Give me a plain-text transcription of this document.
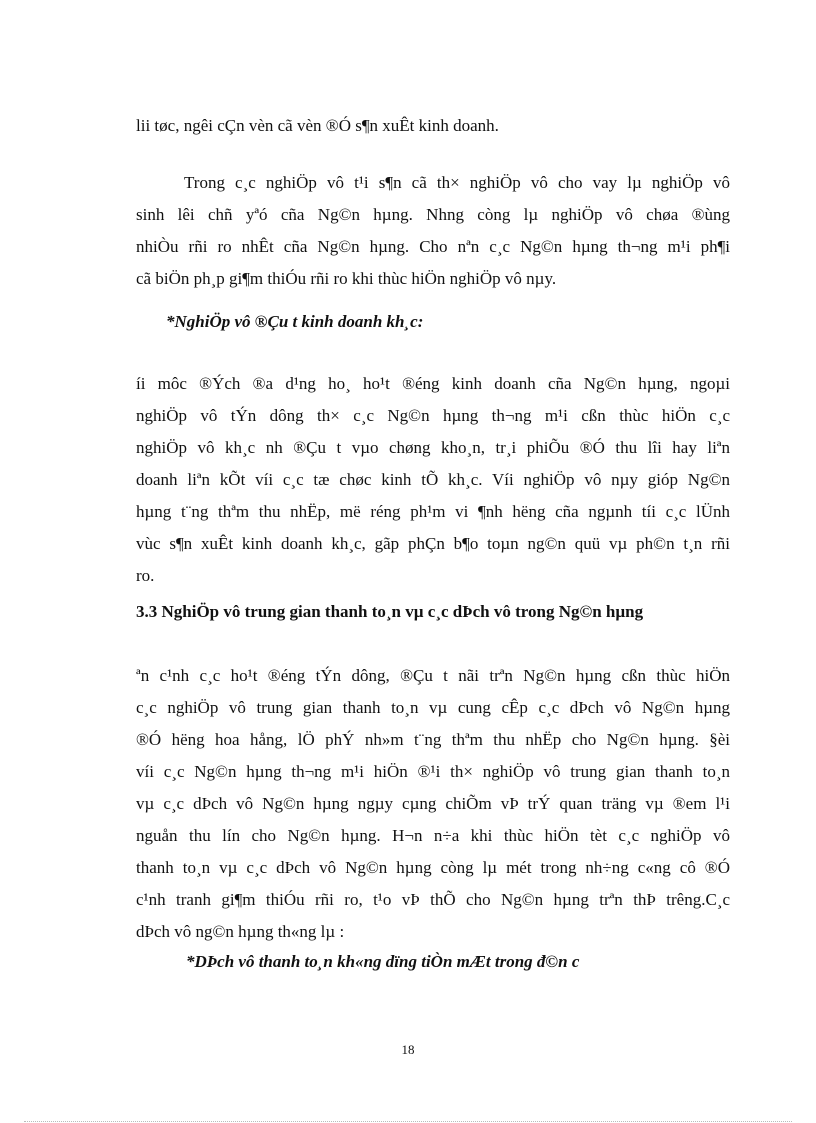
lii tøc, ngêi cÇn vèn cã vèn ®Ó s¶n xuÊt kinh doanh.
Trong c¸c nghiÖp vô t¹i s¶n cã th× nghiÖp vô cho vay lµ nghiÖp vô
sinh lêi chñ yªó cña Ng©n hµng. Nhng còng lµ nghiÖp vô chøa ®ùng
nhiÒu rñi ro nhÊt cña Ng©n hµng. Cho nªn c¸c Ng©n hµng th¬ng m¹i ph¶i
cã biÖn ph¸p gi¶m thiÓu rñi ro khi thùc hiÖn nghiÖp vô nµy.
*NghiÖp vô ®Çu t kinh doanh kh¸c:
íi môc ®Ých ®a d¹ng ho¸ ho¹t ®éng kinh doanh cña Ng©n hµng, ngoµi
nghiÖp vô tÝn dông th× c¸c Ng©n hµng th¬ng m¹i cßn thùc hiÖn c¸c
nghiÖp vô kh¸c nh ®Çu t vµo chøng kho¸n, tr¸i phiÕu ®Ó thu lîi hay liªn
doanh liªn kÕt víi c¸c tæ chøc kinh tÕ kh¸c. Víi nghiÖp vô nµy gióp Ng©n
hµng t¨ng thªm thu nhËp, më réng ph¹m vi ¶nh hëng cña ngµnh tíi c¸c lÜnh
vùc s¶n xuÊt kinh doanh kh¸c, gãp phÇn b¶o toµn ng©n quü vµ ph©n t¸n rñi
ro.
3.3 NghiÖp vô trung gian thanh to¸n vµ c¸c dÞch vô trong Ng©n hµng
ªn c¹nh c¸c ho¹t ®éng tÝn dông, ®Çu t nãi trªn Ng©n hµng cßn thùc hiÖn
c¸c nghiÖp vô trung gian thanh to¸n vµ cung cÊp c¸c dÞch vô Ng©n hµng
®Ó hëng hoa hång, lÖ phÝ nh»m t¨ng thªm thu nhËp cho Ng©n hµng. §èi
víi c¸c Ng©n hµng th¬ng m¹i hiÖn ®¹i th× nghiÖp vô trung gian thanh to¸n
vµ c¸c dÞch vô Ng©n hµng ngµy cµng chiÕm vÞ trÝ quan träng vµ ®em l¹i
nguån thu lín cho Ng©n hµng. H¬n n÷a khi thùc hiÖn tèt c¸c nghiÖp vô
thanh to¸n vµ c¸c dÞch vô Ng©n hµng còng lµ mét trong nh÷ng c«ng cô ®Ó
c¹nh tranh gi¶m thiÓu rñi ro, t¹o vÞ thÕ cho Ng©n hµng trªn thÞ trêng.C¸c
dÞch vô ng©n hµng th«ng lµ :
*DÞch vô thanh to¸n kh«ng dïng tiÒn mÆt trong đ©n c
18
